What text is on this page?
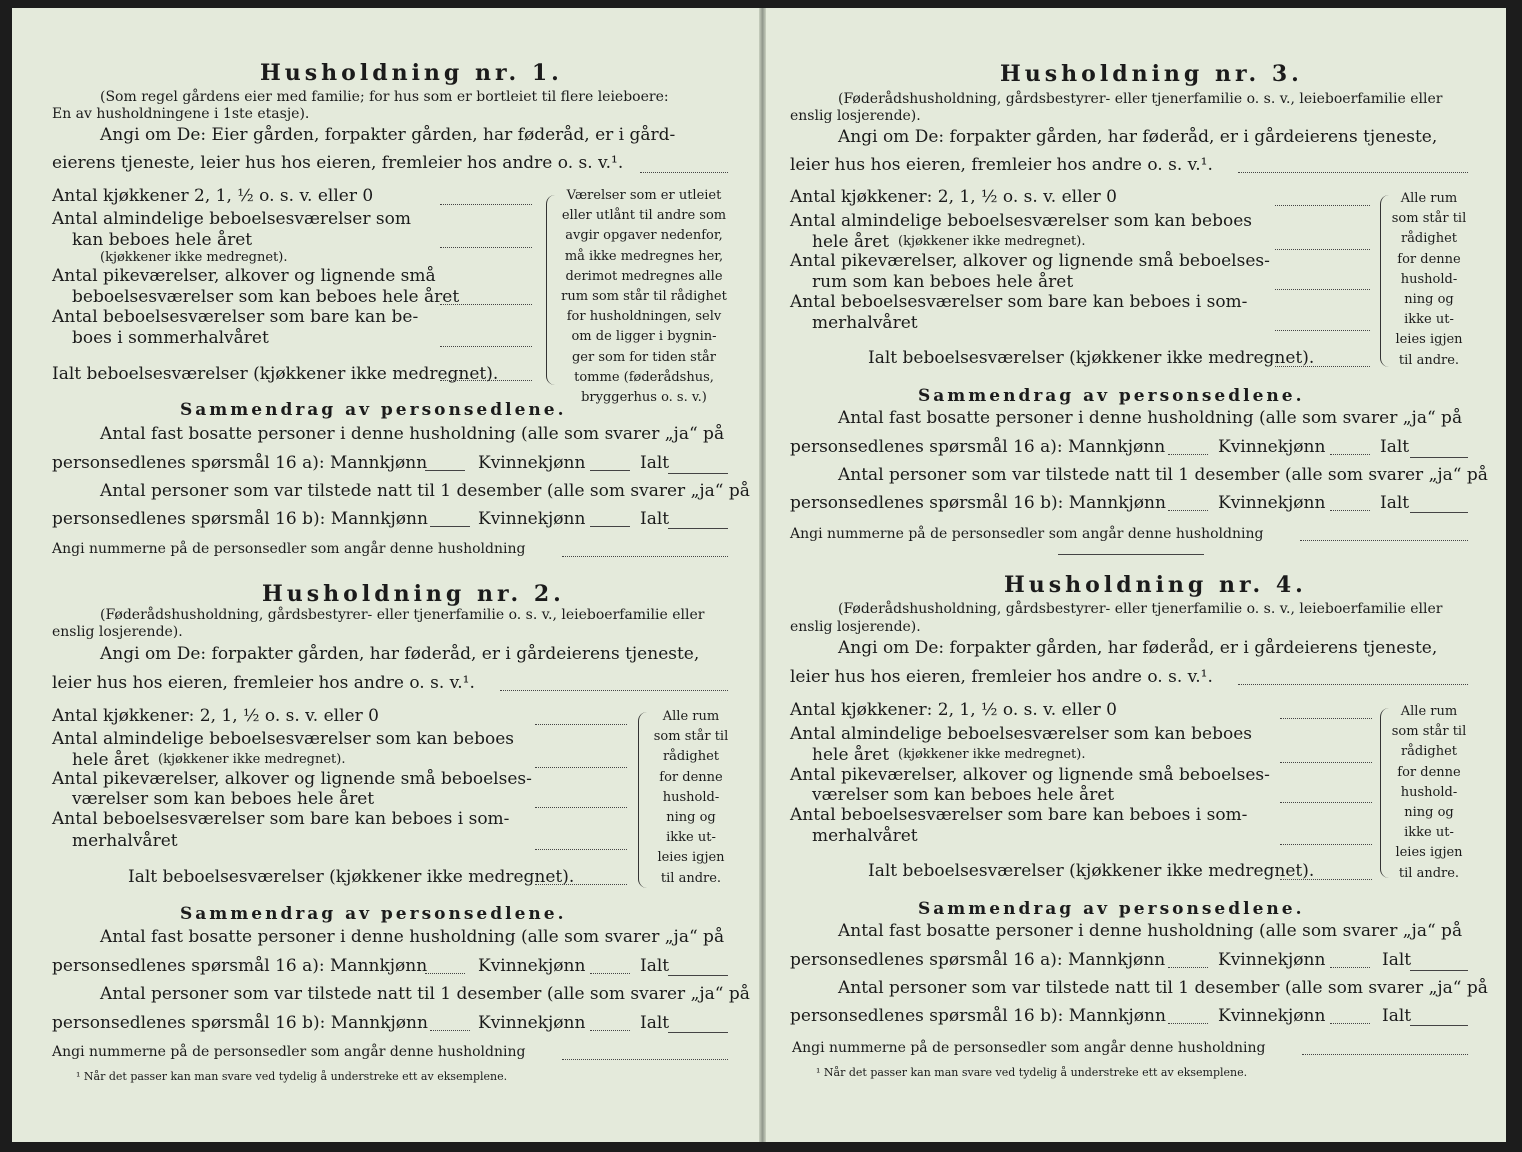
Husholdning nr. 1.
(Som regel gårdens eier med familie; for hus som er bortleiet til flere leieboere:
En av husholdningene i 1ste etasje).
Angi om De: Eier gården, forpakter gården, har føderåd, er i gård-
eierens tjeneste, leier hus hos eieren, fremleier hos andre o. s. v.¹.
Antal kjøkkener 2, 1, ½ o. s. v. eller 0
Antal almindelige beboelsesværelser som
kan beboes hele året
(kjøkkener ikke medregnet).
Antal pikeværelser, alkover og lignende små
beboelsesværelser som kan beboes hele året
Antal beboelsesværelser som bare kan be-
boes i sommerhalvåret
Ialt beboelsesværelser (kjøkkener ikke medregnet).
Værelser som er utleiet
eller utlånt til andre som
avgir opgaver nedenfor,
må ikke medregnes her,
derimot medregnes alle
rum som står til rådighet
for husholdningen, selv
om de ligger i bygnin-
ger som for tiden står
tomme (føderådshus,
bryggerhus o. s. v.)
Sammendrag av personsedlene.
Antal fast bosatte personer i denne husholdning (alle som svarer „ja“ på
personsedlenes spørsmål 16 a): Mannkjønn	Kvinnekjønn	Ialt
Antal personer som var tilstede natt til 1 desember (alle som svarer „ja“ på
personsedlenes spørsmål 16 b): Mannkjønn	Kvinnekjønn	Ialt
Angi nummerne på de personsedler som angår denne husholdning
Husholdning nr. 2.
(Føderådshusholdning, gårdsbestyrer- eller tjenerfamilie o. s. v., leieboerfamilie eller
enslig losjerende).
Angi om De: forpakter gården, har føderåd, er i gårdeierens tjeneste,
leier hus hos eieren, fremleier hos andre o. s. v.¹.
Antal kjøkkener: 2, 1, ½ o. s. v. eller 0
Antal almindelige beboelsesværelser som kan beboes
hele året (kjøkkener ikke medregnet).
Antal pikeværelser, alkover og lignende små beboelses-
værelser som kan beboes hele året
Antal beboelsesværelser som bare kan beboes i som-
merhalvåret
Ialt beboelsesværelser (kjøkkener ikke medregnet).
Alle rum
som står til
rådighet
for denne
hushold-
ning og
ikke ut-
leies igjen
til andre.
Sammendrag av personsedlene.
Antal fast bosatte personer i denne husholdning (alle som svarer „ja“ på
personsedlenes spørsmål 16 a): Mannkjønn	Kvinnekjønn	Ialt
Antal personer som var tilstede natt til 1 desember (alle som svarer „ja“ på
personsedlenes spørsmål 16 b): Mannkjønn	Kvinnekjønn	Ialt
Angi nummerne på de personsedler som angår denne husholdning
¹ Når det passer kan man svare ved tydelig å understreke ett av eksemplene.
Husholdning nr. 3.
(Føderådshusholdning, gårdsbestyrer- eller tjenerfamilie o. s. v., leieboerfamilie eller
enslig losjerende).
Angi om De: forpakter gården, har føderåd, er i gårdeierens tjeneste,
leier hus hos eieren, fremleier hos andre o. s. v.¹.
Antal kjøkkener: 2, 1, ½ o. s. v. eller 0
Antal almindelige beboelsesværelser som kan beboes
hele året (kjøkkener ikke medregnet).
Antal pikeværelser, alkover og lignende små beboelses-
rum som kan beboes hele året
Antal beboelsesværelser som bare kan beboes i som-
merhalvåret
Ialt beboelsesværelser (kjøkkener ikke medregnet).
Alle rum
som står til
rådighet
for denne
hushold-
ning og
ikke ut-
leies igjen
til andre.
Sammendrag av personsedlene.
Antal fast bosatte personer i denne husholdning (alle som svarer „ja“ på
personsedlenes spørsmål 16 a): Mannkjønn	Kvinnekjønn	Ialt
Antal personer som var tilstede natt til 1 desember (alle som svarer „ja“ på
personsedlenes spørsmål 16 b): Mannkjønn	Kvinnekjønn	Ialt
Angi nummerne på de personsedler som angår denne husholdning
Husholdning nr. 4.
(Føderådshusholdning, gårdsbestyrer- eller tjenerfamilie o. s. v., leieboerfamilie eller
enslig losjerende).
Angi om De: forpakter gården, har føderåd, er i gårdeierens tjeneste,
leier hus hos eieren, fremleier hos andre o. s. v.¹.
Antal kjøkkener: 2, 1, ½ o. s. v. eller 0
Antal almindelige beboelsesværelser som kan beboes
hele året (kjøkkener ikke medregnet).
Antal pikeværelser, alkover og lignende små beboelses-
værelser som kan beboes hele året
Antal beboelsesværelser som bare kan beboes i som-
merhalvåret
Ialt beboelsesværelser (kjøkkener ikke medregnet).
Alle rum
som står til
rådighet
for denne
hushold-
ning og
ikke ut-
leies igjen
til andre.
Sammendrag av personsedlene.
Antal fast bosatte personer i denne husholdning (alle som svarer „ja“ på
personsedlenes spørsmål 16 a): Mannkjønn	Kvinnekjønn	Ialt
Antal personer som var tilstede natt til 1 desember (alle som svarer „ja“ på
personsedlenes spørsmål 16 b): Mannkjønn	Kvinnekjønn	Ialt
Angi nummerne på de personsedler som angår denne husholdning
¹ Når det passer kan man svare ved tydelig å understreke ett av eksemplene.
